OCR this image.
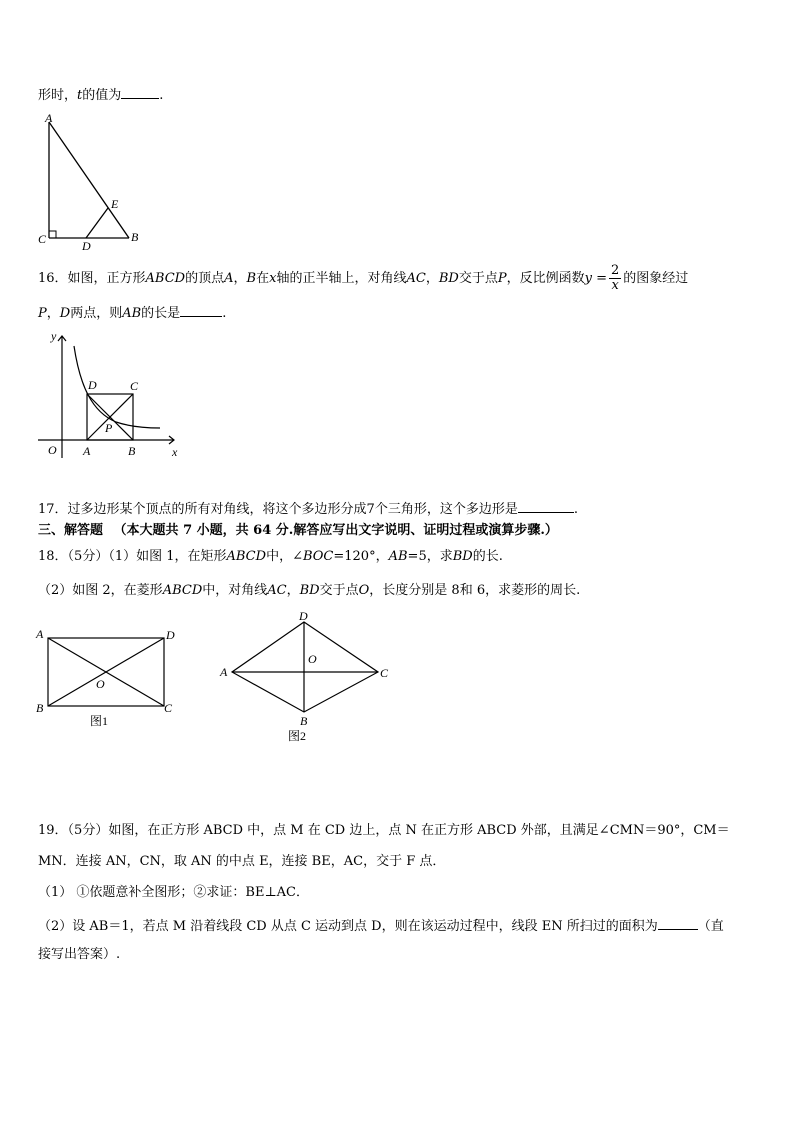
形时，t的值为	.
A
C	D
B
E
16．如图，正方形ABCD的顶点A，B在x轴的正半轴上，对角线AC，BD交于点P，反比例函数$y = \frac{2}{x}$ 的图象经过
P，D两点，则AB的长是	.
y
x
O A	B
C
D
P
17．过多边形某个顶点的所有对角线，将这个多边形分成7个三角形，这个多边形是	.
三、解答题 （本大题共 7 小题，共 64 分.解答应写出文字说明、证明过程或演算步骤.）
18．（5分）（1）如图 1，在矩形ABCD中，∠BOC=120°，AB=5，求BD的长.
（2）如图 2，在菱形ABCD中，对角线AC，BD交于点O，长度分别是 8和 6，求菱形的周长.
A	D
B	C
O
图1
D
A	C
B
O
图2
19．（5分）如图，在正方形 ABCD 中，点 M 在 CD 边上，点 N 在正方形 ABCD 外部，且满足∠CMN＝90°，CM＝
MN．连接 AN，CN，取 AN 的中点 E，连接 BE，AC，交于 F 点．
（1） ①依题意补全图形；②求证：BE⊥AC．
（2）设 AB＝1，若点 M 沿着线段 CD 从点 C 运动到点 D，则在该运动过程中，线段 EN 所扫过的面积为	（直
接写出答案）.
